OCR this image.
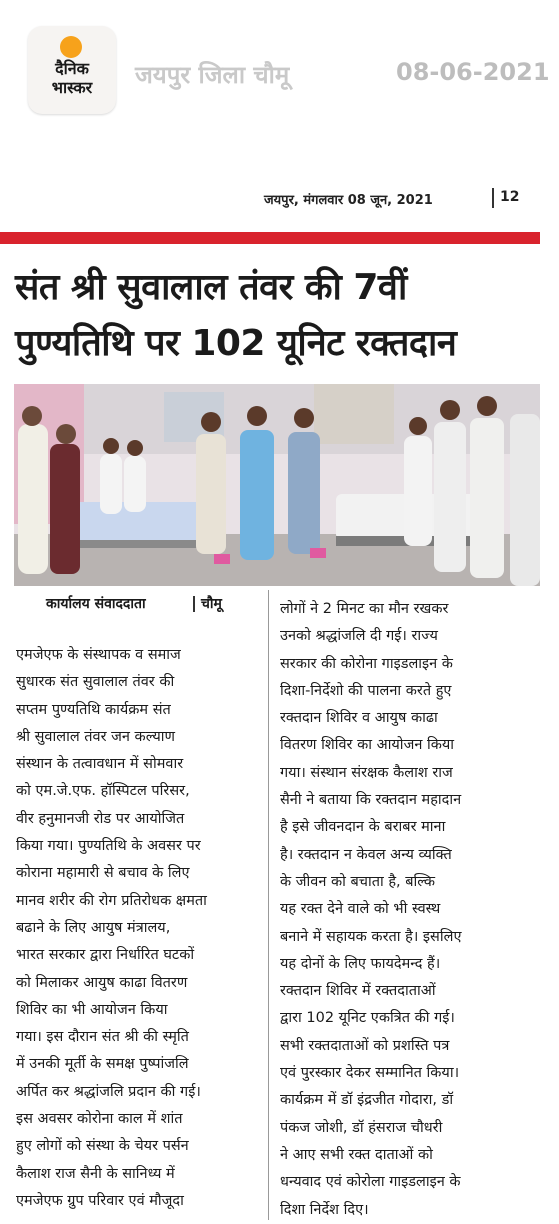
दैनिक
भास्कर	जयपुर जिला चौमू	08-06-2021
जयपुर, मंगलवार 08 जून, 2021	12
संत श्री सुवालाल तंवर की 7वीं
पुण्यतिथि पर 102 यूनिट रक्तदान
कार्यालय संवाददाता	चौमू
एमजेएफ के संस्थापक व समाज
सुधारक संत सुवालाल तंवर की
सप्तम पुण्यतिथि कार्यक्रम संत
श्री सुवालाल तंवर जन कल्याण
संस्थान के तत्वावधान में सोमवार
को एम.जे.एफ. हॉस्पिटल परिसर,
वीर हनुमानजी रोड पर आयोजित
किया गया। पुण्यतिथि के अवसर पर
कोराना महामारी से बचाव के लिए
मानव शरीर की रोग प्रतिरोधक क्षमता
बढाने के लिए आयुष मंत्रालय,
भारत सरकार द्वारा निर्धारित घटकों
को मिलाकर आयुष काढा वितरण
शिविर का भी आयोजन किया
गया। इस दौरान संत श्री की स्मृति
में उनकी मूर्ती के समक्ष पुष्पांजलि
अर्पित कर श्रद्धांजलि प्रदान की गई।
इस अवसर कोरोना काल में शांत
हुए लोगों को संस्था के चेयर पर्सन
कैलाश राज सैनी के सानिध्य में
एमजेएफ ग्रुप परिवार एवं मौजूदा
लोगों ने 2 मिनट का मौन रखकर
उनको श्रद्धांजलि दी गई। राज्य
सरकार की कोरोना गाइडलाइन के
दिशा-निर्देशो की पालना करते हुए
रक्तदान शिविर व आयुष काढा
वितरण शिविर का आयोजन किया
गया। संस्थान संरक्षक कैलाश राज
सैनी ने बताया कि रक्तदान महादान
है इसे जीवनदान के बराबर माना
है। रक्तदान न केवल अन्य व्यक्ति
के जीवन को बचाता है, बल्कि
यह रक्त देने वाले को भी स्वस्थ
बनाने में सहायक करता है। इसलिए
यह दोनों के लिए फायदेमन्द हैं।
रक्तदान शिविर में रक्तदाताओं
द्वारा 102 यूनिट एकत्रित की गई।
सभी रक्तदाताओं को प्रशस्ति पत्र
एवं पुरस्कार देकर सम्मानित किया।
कार्यक्रम में डॉ इंद्रजीत गोदारा, डॉ
पंकज जोशी, डॉ हंसराज चौधरी
ने आए सभी रक्त दाताओं को
धन्यवाद एवं कोरोला गाइडलाइन के
दिशा निर्देश दिए।
